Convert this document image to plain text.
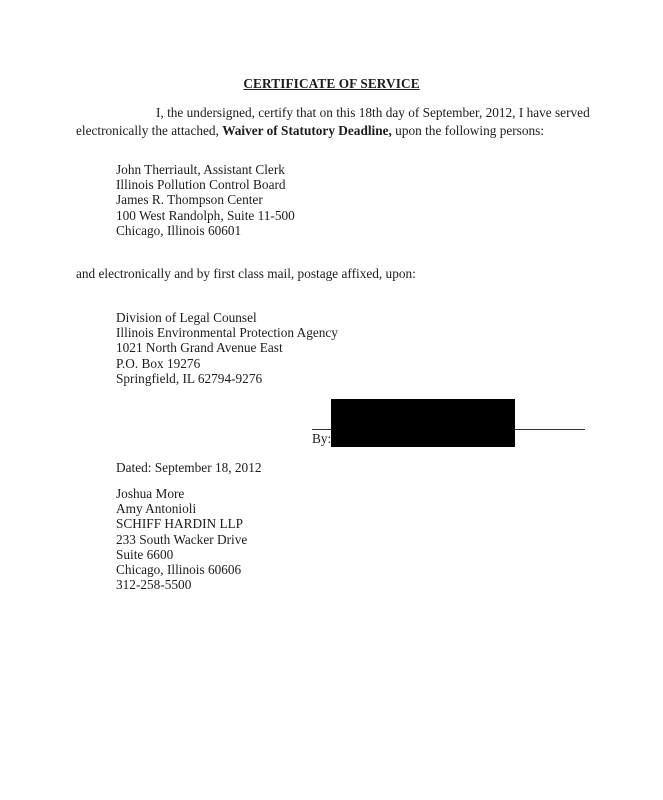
CERTIFICATE OF SERVICE
I, the undersigned, certify that on this 18th day of September, 2012, I have served
electronically the attached, Waiver of Statutory Deadline, upon the following persons:
John Therriault, Assistant Clerk
Illinois Pollution Control Board
James R. Thompson Center
100 West Randolph, Suite 11-500
Chicago, Illinois 60601
and electronically and by first class mail, postage affixed, upon:
Division of Legal Counsel
Illinois Environmental Protection Agency
1021 North Grand Avenue East
P.O. Box 19276
Springfield, IL 62794-9276
By:
Dated: September 18, 2012
Joshua More
Amy Antonioli
SCHIFF HARDIN LLP
233 South Wacker Drive
Suite 6600
Chicago, Illinois 60606
312-258-5500
